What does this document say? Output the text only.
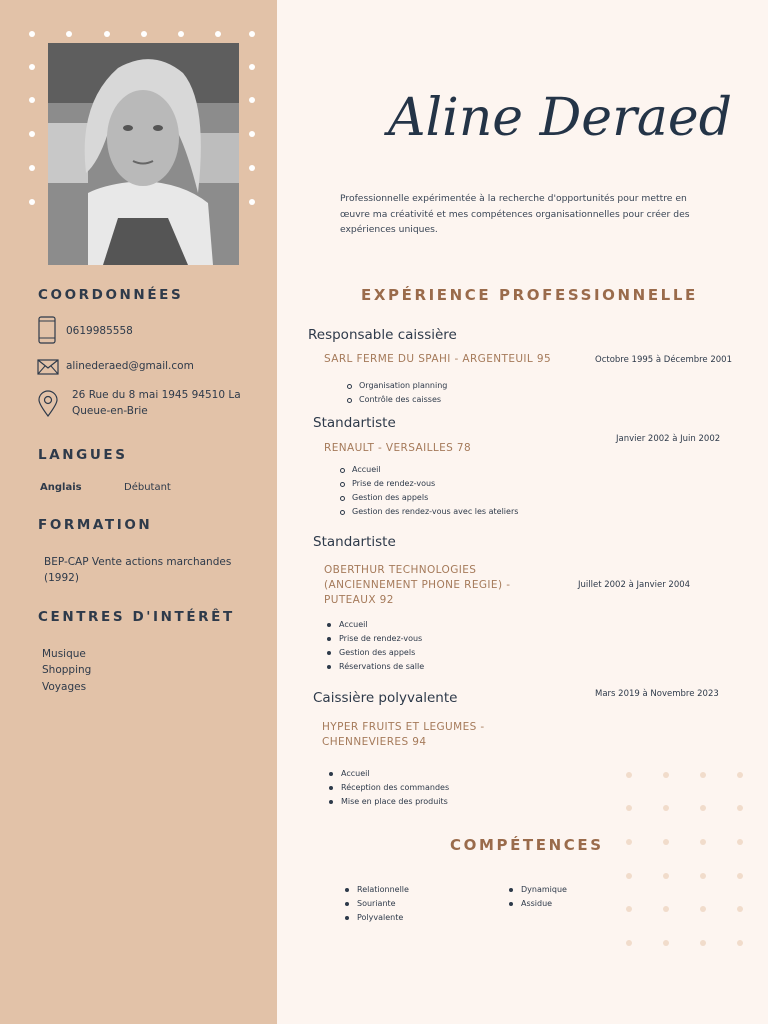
COORDONNÉES
0619985558
alinederaed@gmail.com
26 Rue du 8 mai 1945 94510 La Queue-en-Brie
LANGUES
Anglais	Débutant
FORMATION
BEP-CAP Vente actions marchandes (1992)
CENTRES D'INTÉRÊT
Musique
Shopping
Voyages
Aline Deraed
Professionnelle expérimentée à la recherche d'opportunités pour mettre en œuvre ma créativité et mes compétences organisationnelles pour créer des expériences uniques.
EXPÉRIENCE PROFESSIONNELLE
Responsable caissière
SARL FERME DU SPAHI - ARGENTEUIL 95	Octobre 1995 à Décembre 2001
Organisation planning
Contrôle des caisses
Standartiste
RENAULT - VERSAILLES 78
Janvier 2002 à Juin 2002
Accueil
Prise de rendez-vous
Gestion des appels
Gestion des rendez-vous avec les ateliers
Standartiste
OBERTHUR TECHNOLOGIES (ANCIENNEMENT PHONE REGIE) - PUTEAUX 92
Juillet 2002 à Janvier 2004
Accueil
Prise de rendez-vous
Gestion des appels
Réservations de salle
Caissière polyvalente
HYPER FRUITS ET LEGUMES - CHENNEVIERES 94
Mars 2019 à Novembre 2023
Accueil
Réception des commandes
Mise en place des produits
COMPÉTENCES
Relationnelle
Souriante
Polyvalente
Dynamique
Assidue
